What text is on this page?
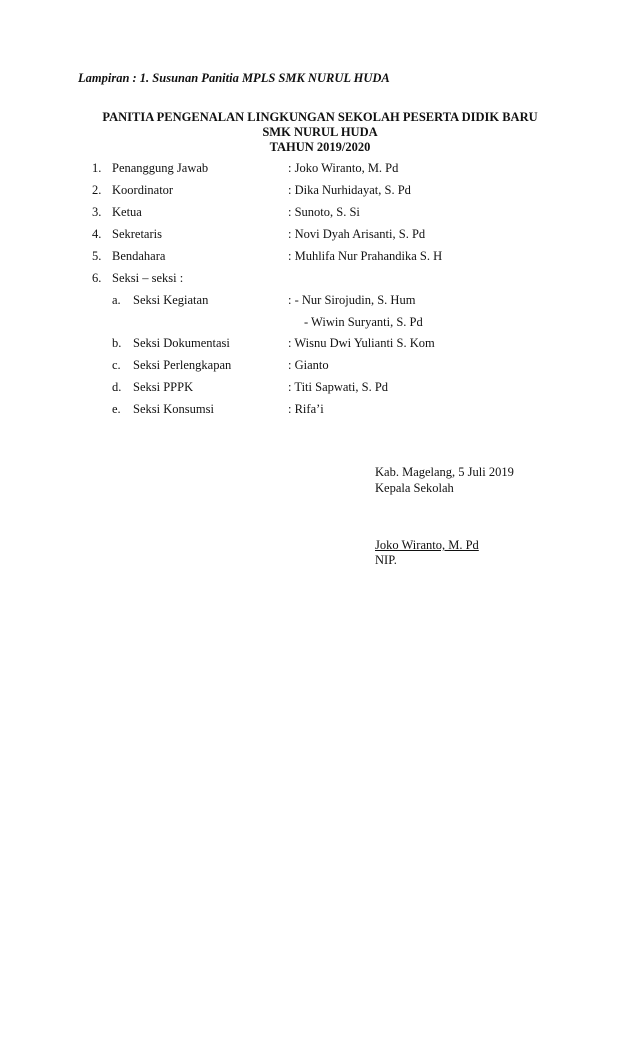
Lampiran : 1. Susunan Panitia MPLS SMK NURUL HUDA
PANITIA PENGENALAN LINGKUNGAN SEKOLAH PESERTA DIDIK BARU
SMK NURUL HUDA
TAHUN 2019/2020
1. Penanggung Jawab	: Joko Wiranto, M. Pd
2. Koordinator	: Dika Nurhidayat, S. Pd
3. Ketua	: Sunoto, S. Si
4. Sekretaris	: Novi Dyah Arisanti, S. Pd
5. Bendahara	: Muhlifa Nur Prahandika S. H
6. Seksi – seksi :
a. Seksi Kegiatan	: - Nur Sirojudin, S. Hum
- Wiwin Suryanti, S. Pd
b. Seksi Dokumentasi	: Wisnu Dwi Yulianti S. Kom
c. Seksi Perlengkapan	: Gianto
d. Seksi PPPK	: Titi Sapwati, S. Pd
e. Seksi Konsumsi	: Rifa’i
Kab. Magelang, 5 Juli 2019
Kepala Sekolah
Joko Wiranto, M. Pd
NIP.
